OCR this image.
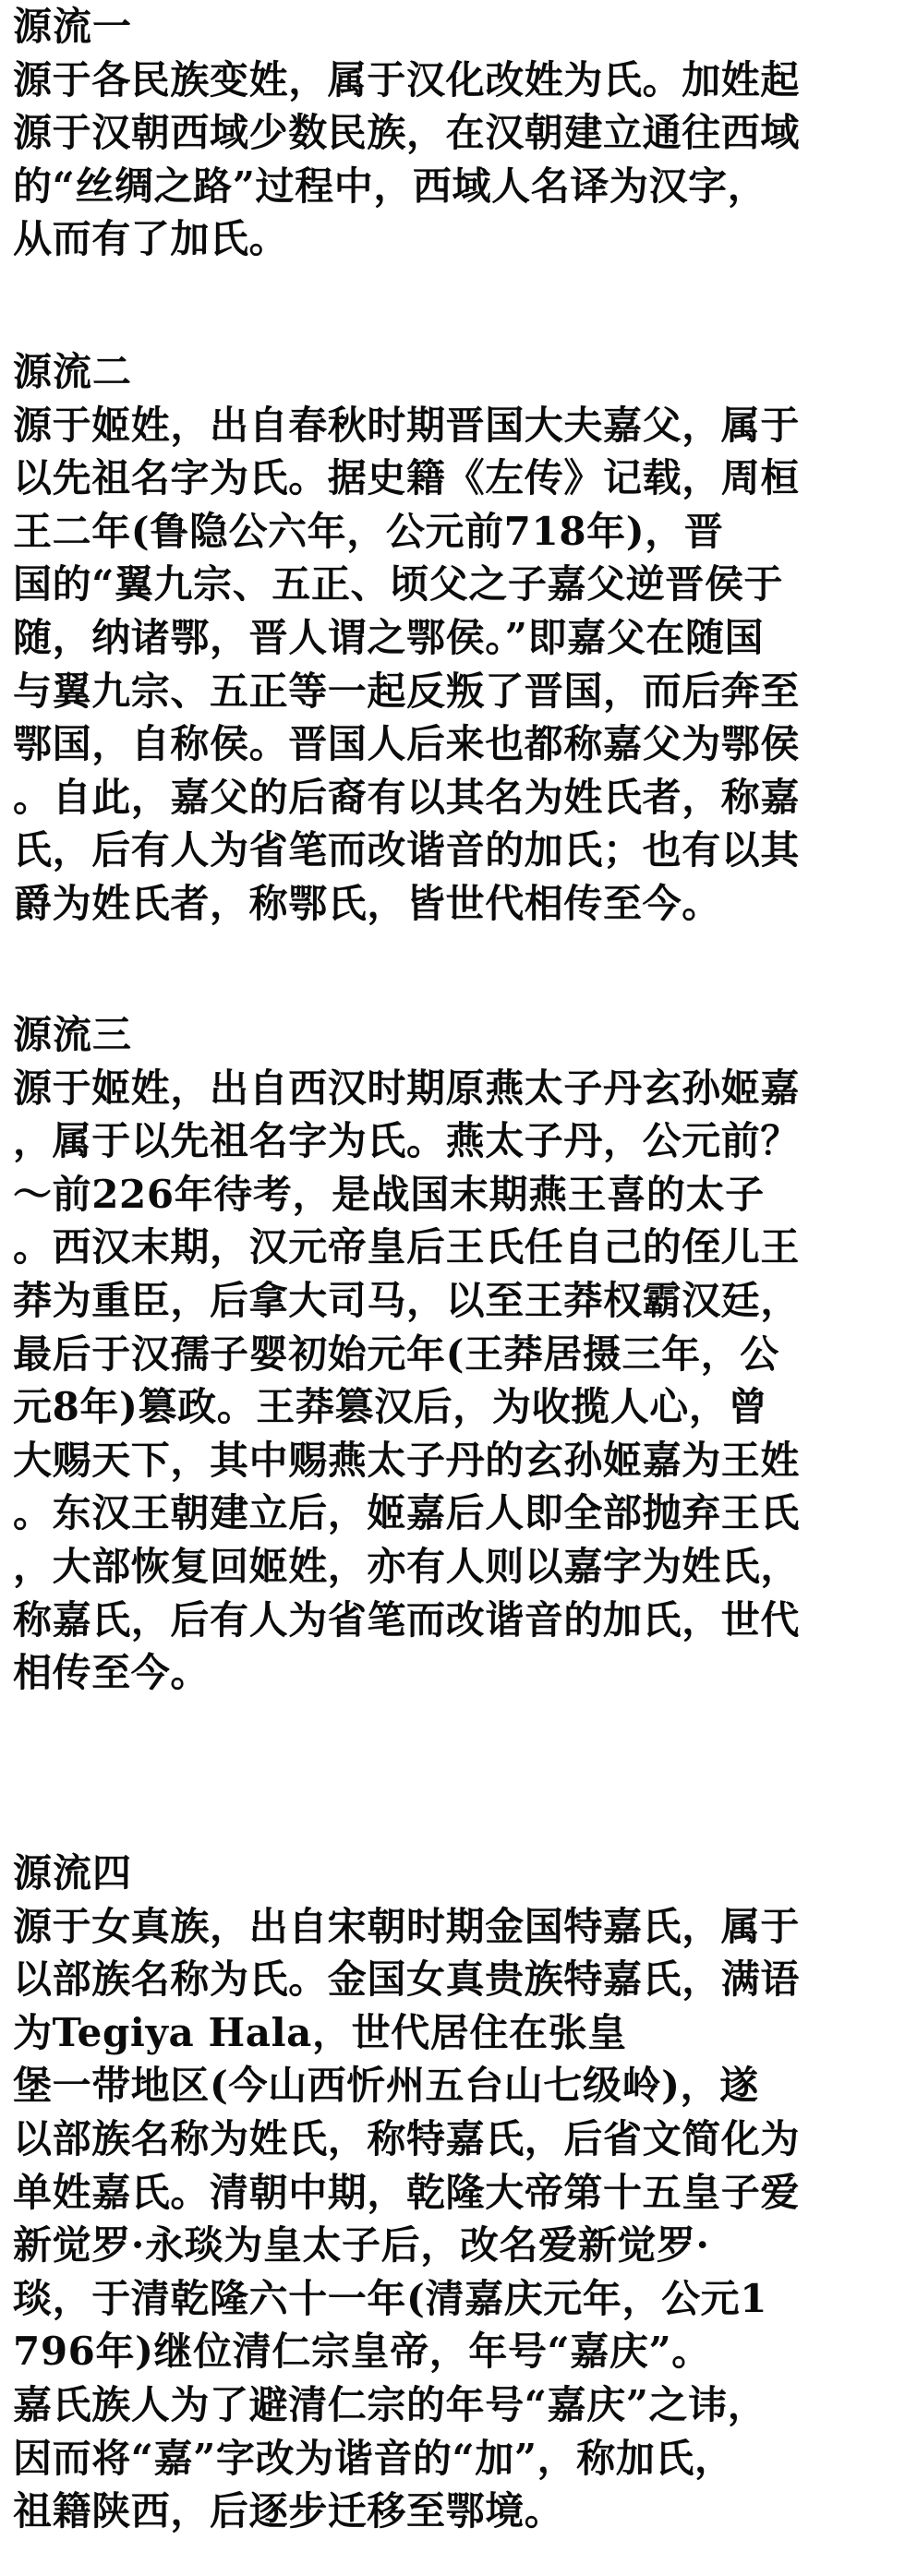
源流一
源于各民族变姓，属于汉化改姓为氏。加姓起
源于汉朝西域少数民族，在汉朝建立通往西域
的“丝绸之路”过程中，西域人名译为汉字，
从而有了加氏。
源流二
源于姬姓，出自春秋时期晋国大夫嘉父，属于
以先祖名字为氏。据史籍《左传》记载，周桓
王二年(鲁隐公六年，公元前718年)，晋
国的“翼九宗、五正、顷父之子嘉父逆晋侯于
随，纳诸鄂，晋人谓之鄂侯。”即嘉父在随国
与翼九宗、五正等一起反叛了晋国，而后奔至
鄂国，自称侯。晋国人后来也都称嘉父为鄂侯
。自此，嘉父的后裔有以其名为姓氏者，称嘉
氏，后有人为省笔而改谐音的加氏；也有以其
爵为姓氏者，称鄂氏，皆世代相传至今。
源流三
源于姬姓，出自西汉时期原燕太子丹玄孙姬嘉
，属于以先祖名字为氏。燕太子丹，公元前？
～前226年待考，是战国末期燕王喜的太子
。西汉末期，汉元帝皇后王氏任自己的侄儿王
莽为重臣，后拿大司马，以至王莽权霸汉廷，
最后于汉孺子婴初始元年(王莽居摄三年，公
元8年)篡政。王莽篡汉后，为收揽人心，曾
大赐天下，其中赐燕太子丹的玄孙姬嘉为王姓
。东汉王朝建立后，姬嘉后人即全部抛弃王氏
，大部恢复回姬姓，亦有人则以嘉字为姓氏，
称嘉氏，后有人为省笔而改谐音的加氏，世代
相传至今。
源流四
源于女真族，出自宋朝时期金国特嘉氏，属于
以部族名称为氏。金国女真贵族特嘉氏，满语
为Tegiya Hala，世代居住在张皇
堡一带地区(今山西忻州五台山七级岭)，遂
以部族名称为姓氏，称特嘉氏，后省文简化为
单姓嘉氏。清朝中期，乾隆大帝第十五皇子爱
新觉罗·永琰为皇太子后，改名爱新觉罗·
琰，于清乾隆六十一年(清嘉庆元年，公元1
796年)继位清仁宗皇帝，年号“嘉庆”。
嘉氏族人为了避清仁宗的年号“嘉庆”之讳，
因而将“嘉”字改为谐音的“加”，称加氏，
祖籍陕西，后逐步迁移至鄂境。
